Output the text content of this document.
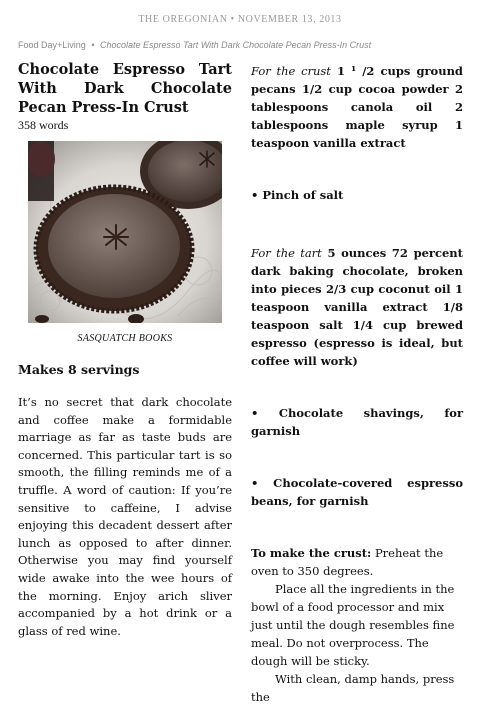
THE OREGONIAN • NOVEMBER 13, 2013
Food Day+Living • Chocolate Espresso Tart With Dark Chocolate Pecan Press-In Crust
Chocolate Espresso Tart With Dark Chocolate Pecan Press-In Crust
358 words
SASQUATCH BOOKS
Makes 8 servings

It’s no secret that dark chocolate and coffee make a formidable marriage as far as taste buds are concerned. This particular tart is so smooth, the filling reminds me of a truffle. A word of caution: If you’re sensitive to caffeine, I advise enjoying this decadent dessert after lunch as opposed to after dinner. Otherwise you may find yourself wide awake into the wee hours of the morning. Enjoy arich sliver accompanied by a hot drink or a glass of red wine.

For the crust 1 ¹ /2 cups ground pecans 1/2 cup cocoa powder 2 tablespoons canola oil 2 tablespoons maple syrup 1 teaspoon vanilla extract

• Pinch of salt

For the tart 5 ounces 72 percent dark baking chocolate, broken into pieces 2/3 cup coconut oil 1 teaspoon vanilla extract 1/8 teaspoon salt 1/4 cup brewed espresso (espresso is ideal, but coffee will work)

• Chocolate shavings, for garnish

• Chocolate-covered espresso beans, for garnish

To make the crust: Preheat the oven to 350 degrees.

Place all the ingredients in the bowl of a food processor and mix just until the dough resembles fine meal. Do not overprocess. The dough will be sticky.

With clean, damp hands, press the
